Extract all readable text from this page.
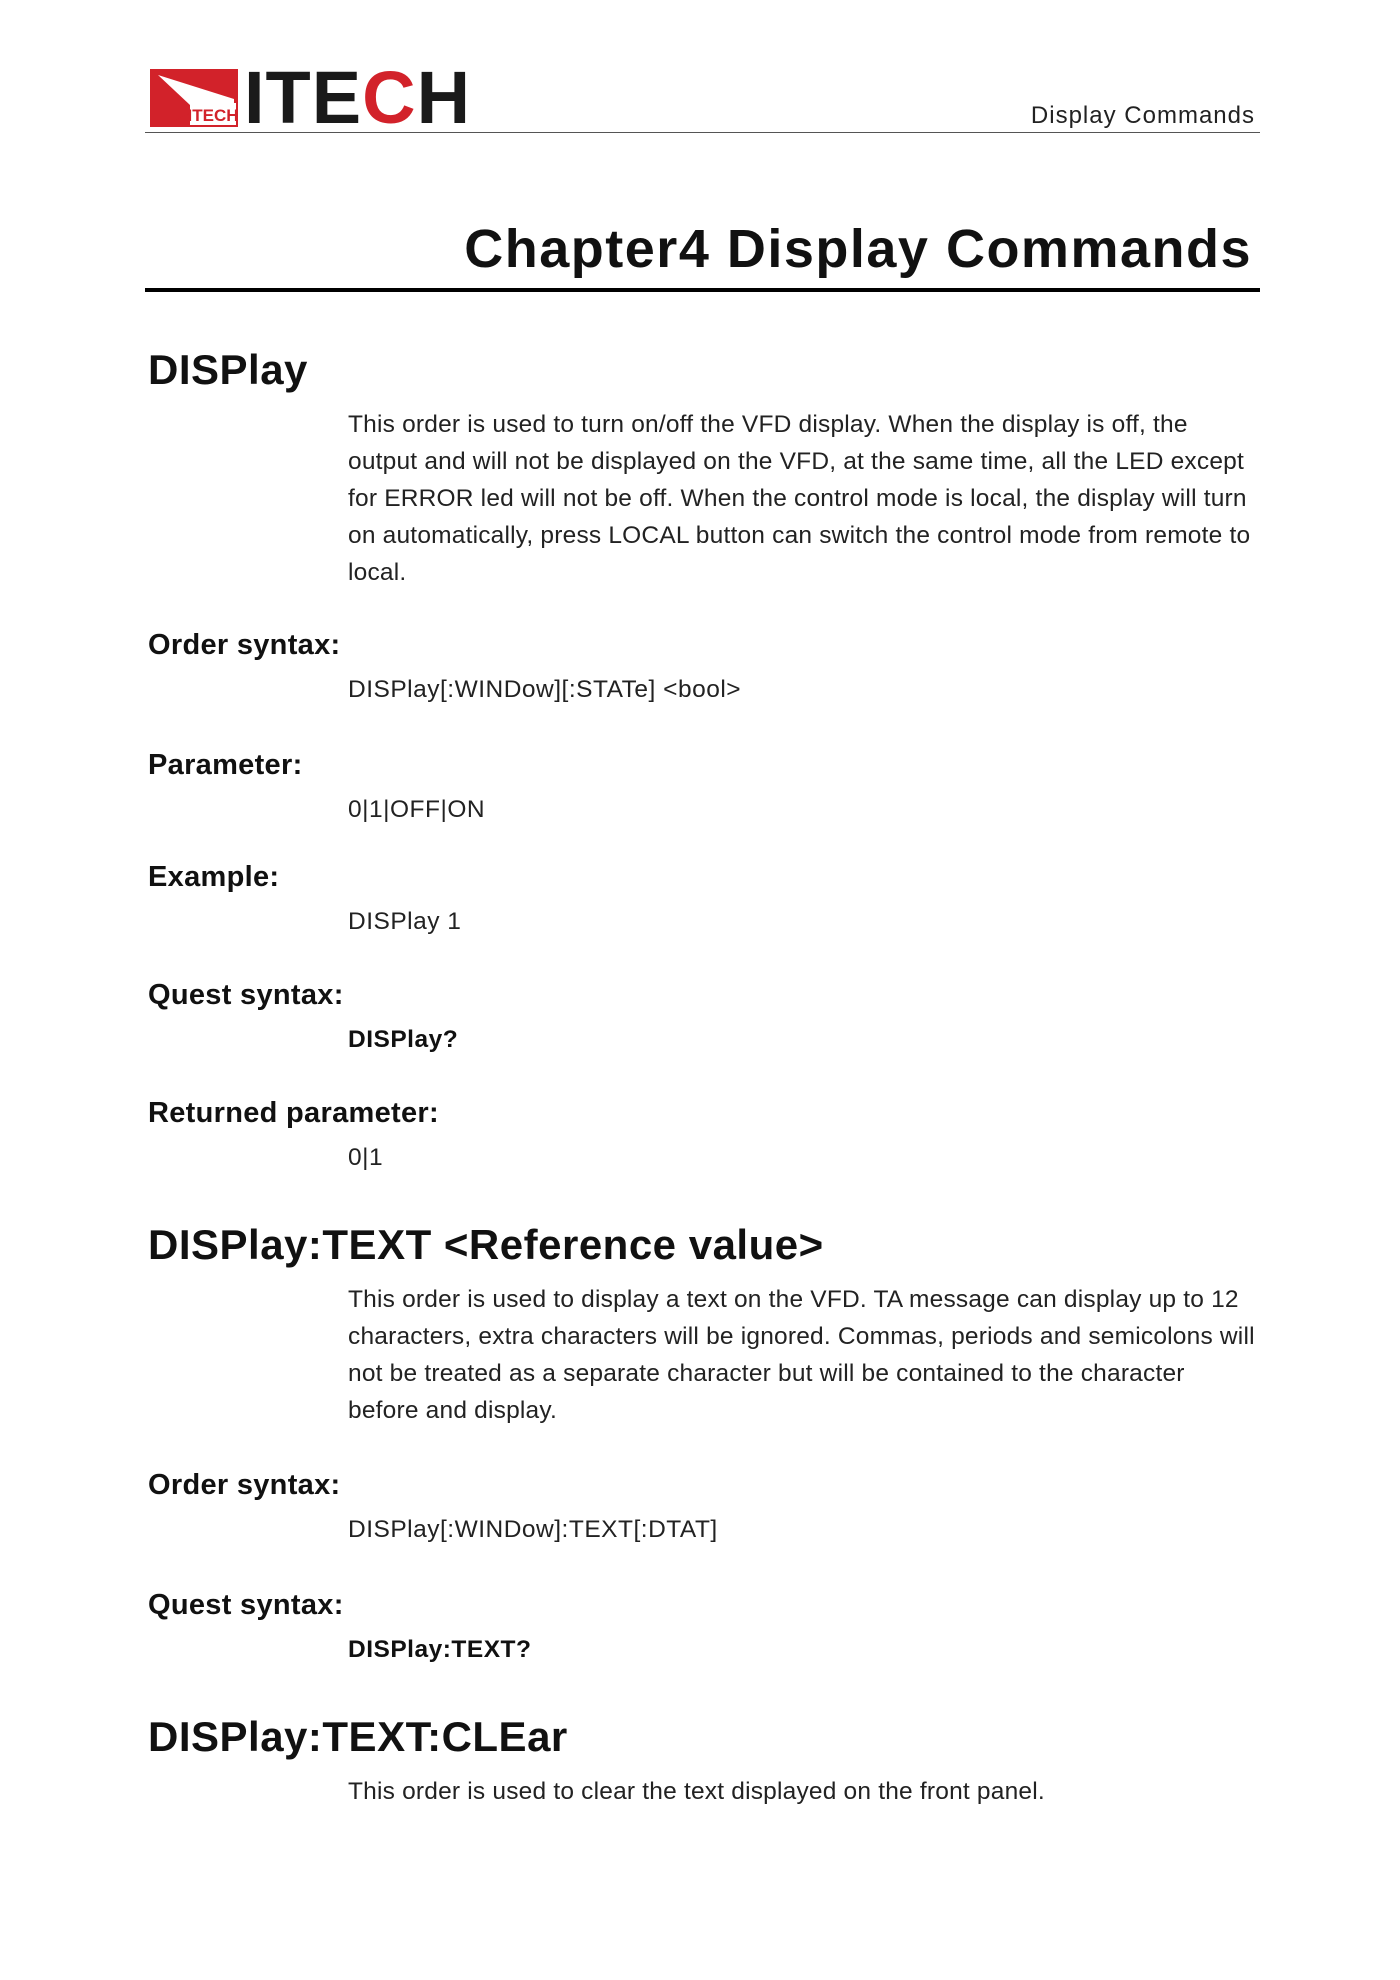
ITECH ITECH	Display Commands
Chapter4 Display Commands
DISPlay

This order is used to turn on/off the VFD display. When the display is off, the output and will not be displayed on the VFD, at the same time, all the LED except for ERROR led will not be off. When the control mode is local, the display will turn on automatically, press LOCAL button can switch the control mode from remote to local.

Order syntax:
DISPlay[:WINDow][:STATe] <bool>
Parameter:
0|1|OFF|ON
Example:
DISPlay 1
Quest syntax:
DISPlay?
Returned parameter:
0|1
DISPlay:TEXT <Reference value>

This order is used to display a text on the VFD. TA message can display up to 12 characters, extra characters will be ignored. Commas, periods and semicolons will not be treated as a separate character but will be contained to the character before and display.

Order syntax:
DISPlay[:WINDow]:TEXT[:DTAT]
Quest syntax:
DISPlay:TEXT?
DISPlay:TEXT:CLEar

This order is used to clear the text displayed on the front panel.
